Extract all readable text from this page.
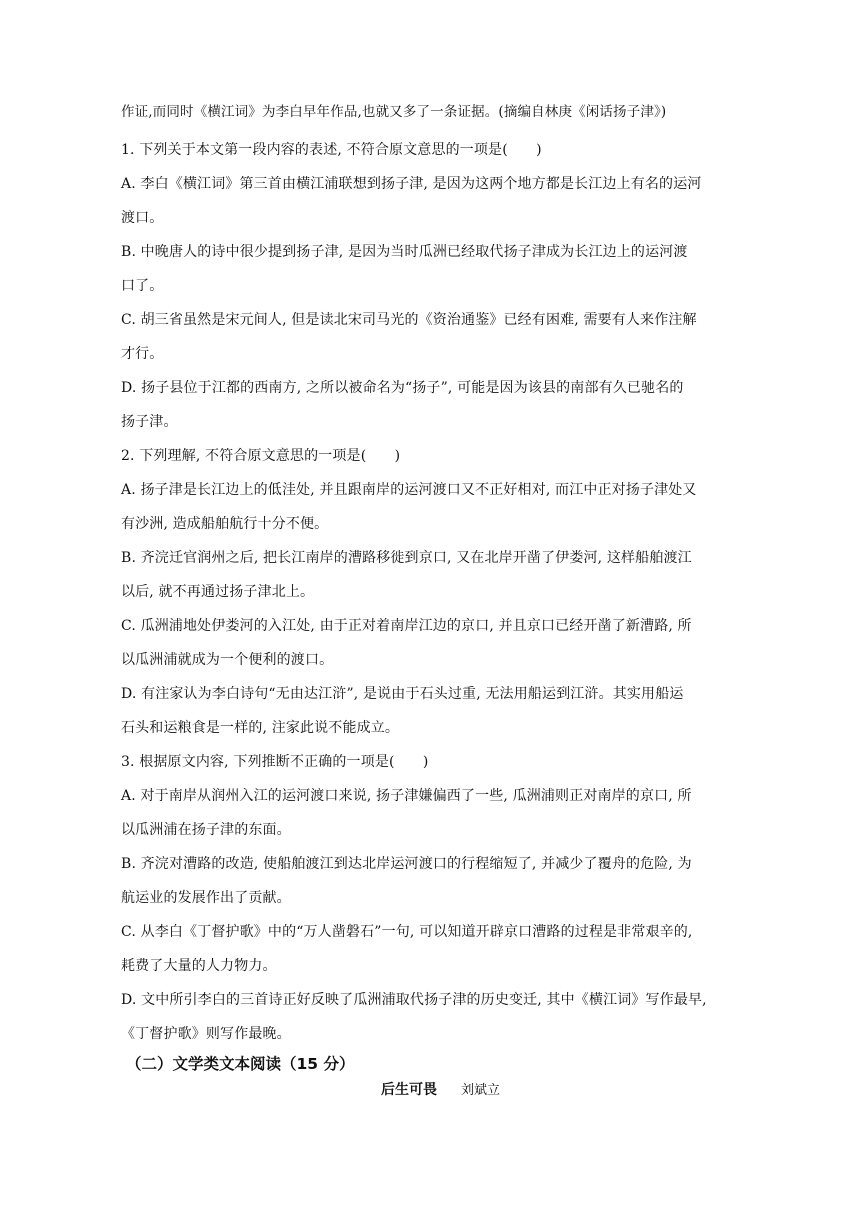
作证,而同时《横江词》为李白早年作品,也就又多了一条证据。(摘编自林庚《闲话扬子津》)
1. 下列关于本文第一段内容的表述, 不符合原文意思的一项是(　　)
A. 李白《横江词》第三首由横江浦联想到扬子津, 是因为这两个地方都是长江边上有名的运河
渡口。
B. 中晚唐人的诗中很少提到扬子津, 是因为当时瓜洲已经取代扬子津成为长江边上的运河渡
口了。
C. 胡三省虽然是宋元间人, 但是读北宋司马光的《资治通鉴》已经有困难, 需要有人来作注解
才行。
D. 扬子县位于江都的西南方, 之所以被命名为“扬子”, 可能是因为该县的南部有久已驰名的
扬子津。
2. 下列理解, 不符合原文意思的一项是(　　)
A. 扬子津是长江边上的低洼处, 并且跟南岸的运河渡口又不正好相对, 而江中正对扬子津处又
有沙洲, 造成船舶航行十分不便。
B. 齐浣迁官润州之后, 把长江南岸的漕路移徙到京口, 又在北岸开凿了伊娄河, 这样船舶渡江
以后, 就不再通过扬子津北上。
C. 瓜洲浦地处伊娄河的入江处, 由于正对着南岸江边的京口, 并且京口已经开凿了新漕路, 所
以瓜洲浦就成为一个便利的渡口。
D. 有注家认为李白诗句“无由达江浒”, 是说由于石头过重, 无法用船运到江浒。其实用船运
石头和运粮食是一样的, 注家此说不能成立。
3. 根据原文内容, 下列推断不正确的一项是(　　)
A. 对于南岸从润州入江的运河渡口来说, 扬子津嫌偏西了一些, 瓜洲浦则正对南岸的京口, 所
以瓜洲浦在扬子津的东面。
B. 齐浣对漕路的改造, 使船舶渡江到达北岸运河渡口的行程缩短了, 并减少了覆舟的危险, 为
航运业的发展作出了贡献。
C. 从李白《丁督护歌》中的“万人凿磐石”一句, 可以知道开辟京口漕路的过程是非常艰辛的,
耗费了大量的人力物力。
D. 文中所引李白的三首诗正好反映了瓜洲浦取代扬子津的历史变迁, 其中《横江词》写作最早,
《丁督护歌》则写作最晚。
（二）文学类文本阅读（15 分）
后生可畏 刘斌立
